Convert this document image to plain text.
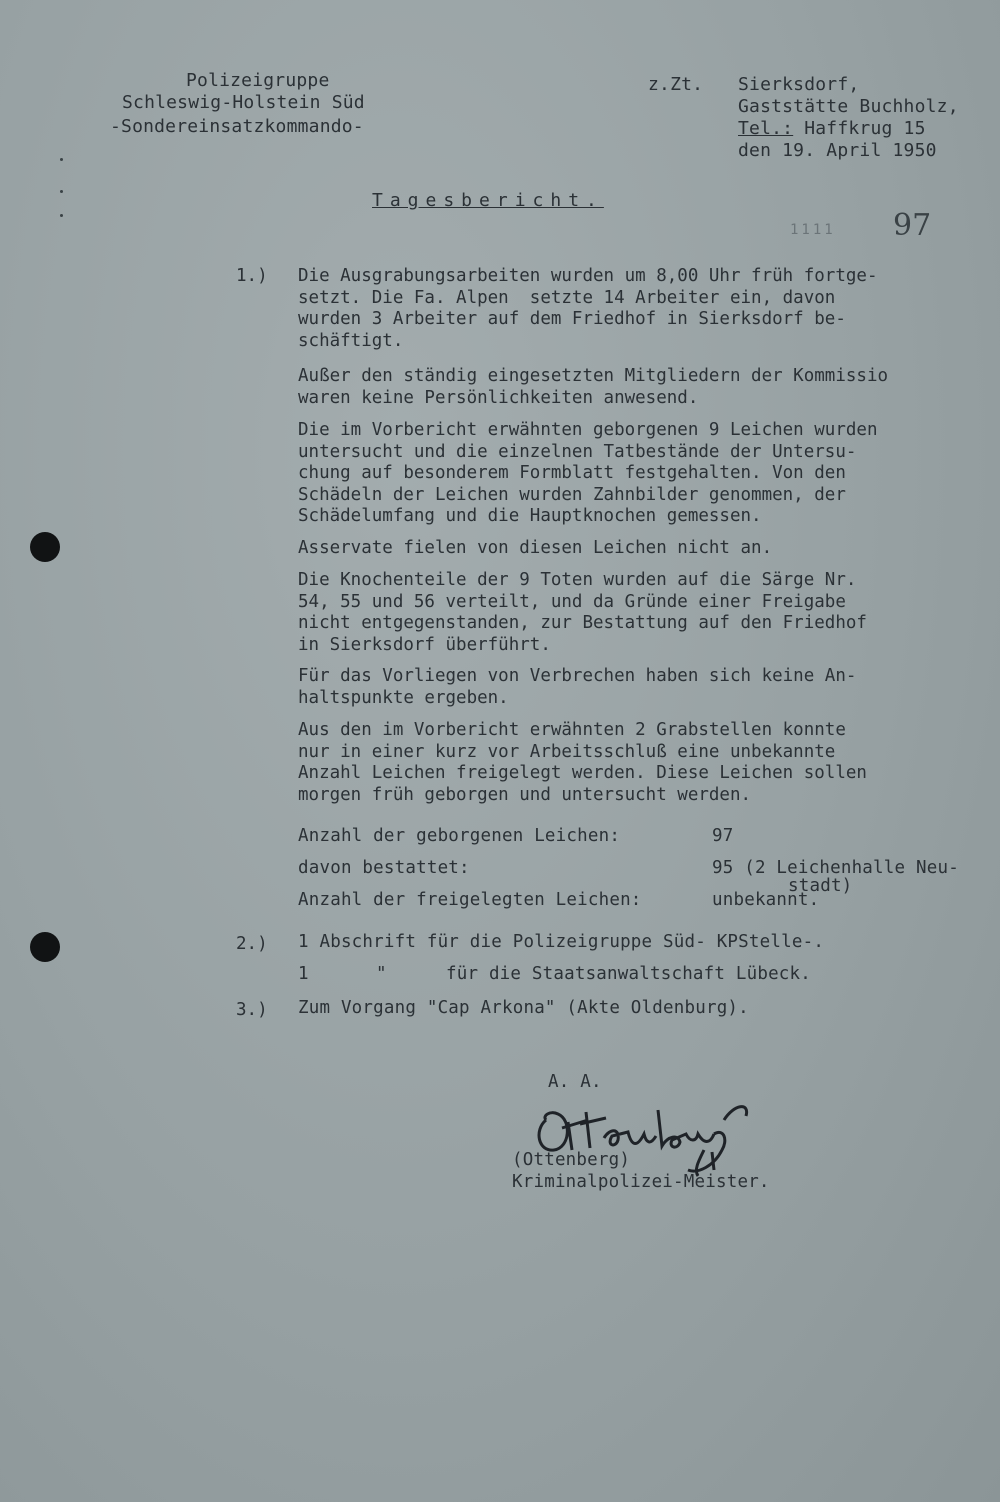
Polizeigruppe
Schleswig-Holstein Süd
-Sondereinsatzkommando-
z.Zt. Sierksdorf,
Gaststätte Buchholz,
Tel.: Haffkrug 15
den 19. April 1950
Tagesbericht.
1111 97
1.) Die Ausgrabungsarbeiten wurden um 8,00 Uhr früh fortge-
setzt. Die Fa. Alpen  setzte 14 Arbeiter ein, davon
wurden 3 Arbeiter auf dem Friedhof in Sierksdorf be-
schäftigt.
Außer den ständig eingesetzten Mitgliedern der Kommissio
waren keine Persönlichkeiten anwesend.
Die im Vorbericht erwähnten geborgenen 9 Leichen wurden
untersucht und die einzelnen Tatbestände der Untersu-
chung auf besonderem Formblatt festgehalten. Von den
Schädeln der Leichen wurden Zahnbilder genommen, der
Schädelumfang und die Hauptknochen gemessen.
Asservate fielen von diesen Leichen nicht an.
Die Knochenteile der 9 Toten wurden auf die Särge Nr.
54, 55 und 56 verteilt, und da Gründe einer Freigabe
nicht entgegenstanden, zur Bestattung auf den Friedhof
in Sierksdorf überführt.
Für das Vorliegen von Verbrechen haben sich keine An-
haltspunkte ergeben.
Aus den im Vorbericht erwähnten 2 Grabstellen konnte
nur in einer kurz vor Arbeitsschluß eine unbekannte
Anzahl Leichen freigelegt werden. Diese Leichen sollen
morgen früh geborgen und untersucht werden.
Anzahl der geborgenen Leichen:	97
davon bestattet:	95 (2 Leichenhalle Neu-
stadt)
Anzahl der freigelegten Leichen:	unbekannt.
2.) 1 Abschrift für die Polizeigruppe Süd- KPStelle-.
1	"	für die Staatsanwaltschaft Lübeck.
3.) Zum Vorgang "Cap Arkona" (Akte Oldenburg).
A. A.
(Ottenberg)
Kriminalpolizei-Meister.
